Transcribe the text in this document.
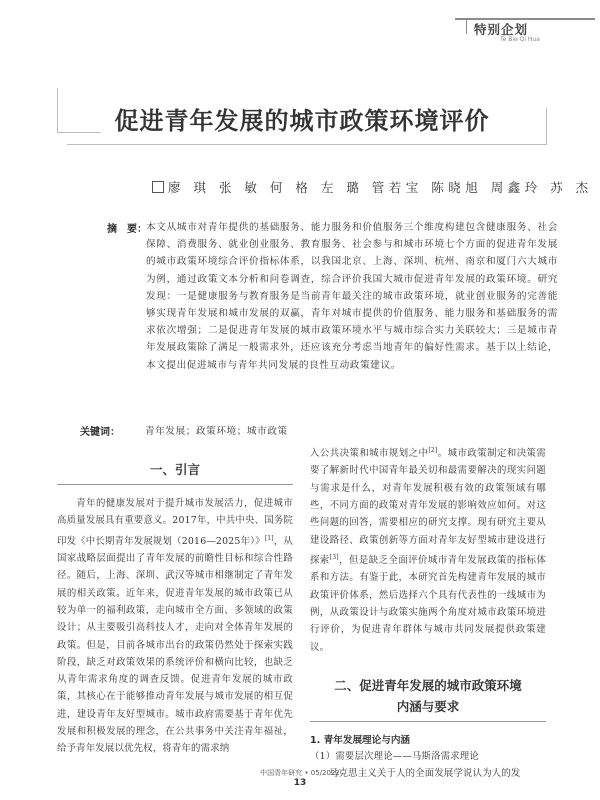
特别企划
Te Bie Qi Hua
促进青年发展的城市政策环境评价
廖 琪 张 敏 何 格 左 璐 管若宝 陈晓旭 周鑫玲 苏 杰
摘　要： 本文从城市对青年提供的基础服务、能力服务和价值服务三个维度构建包含健康服务、社会保障、消费服务、就业创业服务、教育服务、社会参与和城市环境七个方面的促进青年发展的城市政策环境综合评价指标体系，以我国北京、上海、深圳、杭州、南京和厦门六大城市为例，通过政策文本分析和问卷调查，综合评价我国大城市促进青年发展的政策环境。研究发现：一是健康服务与教育服务是当前青年最关注的城市政策环境，就业创业服务的完善能够实现青年发展和城市发展的双赢，青年对城市提供的价值服务、能力服务和基础服务的需求依次增强；二是促进青年发展的城市政策环境水平与城市综合实力关联较大；三是城市青年发展政策除了满足一般需求外，还应该充分考虑当地青年的偏好性需求。基于以上结论，本文提出促进城市与青年共同发展的良性互动政策建议。
关键词：	青年发展；政策环境；城市政策
一、引言
青年的健康发展对于提升城市发展活力，促进城市高质量发展具有重要意义。2017年，中共中央、国务院印发《中长期青年发展规划（2016—2025年）》[1]，从国家战略层面提出了青年发展的前瞻性目标和综合性路径。随后，上海、深圳、武汉等城市相继制定了青年发展的相关政策。近年来，促进青年发展的城市政策已从较为单一的福利政策，走向城市全方面、多领域的政策设计；从主要吸引高科技人才，走向对全体青年发展的政策。但是，目前各城市出台的政策仍然处于探索实践阶段，缺乏对政策效果的系统评价和横向比较，也缺乏从青年需求角度的调查反馈。促进青年发展的城市政策，其核心在于能够推动青年发展与城市发展的相互促进，建设青年友好型城市。城市政府需要基于青年优先发展和积极发展的理念，在公共事务中关注青年福祉，给予青年发展以优先权，将青年的需求纳
入公共决策和城市规划之中[2]。城市政策制定和决策需要了解新时代中国青年最关切和最需要解决的现实问题与需求是什么，对青年发展积极有效的政策领域有哪些，不同方面的政策对青年发展的影响效应如何。对这些问题的回答，需要相应的研究支撑。现有研究主要从建设路径、政策创新等方面对青年友好型城市建设进行探索[3]，但是缺乏全面评价城市青年发展政策的指标体系和方法。有鉴于此，本研究首先构建青年发展的城市政策评价体系，然后选择六个具有代表性的一线城市为例，从政策设计与政策实施两个角度对城市政策环境进行评价，为促进青年群体与城市共同发展提供政策建议。
二、促进青年发展的城市政策环境
内涵与要求
1. 青年发展理论与内涵
（1）需要层次理论——马斯洛需求理论
马克思主义关于人的全面发展学说认为人的发
中国青年研究 • 05/2022
13
